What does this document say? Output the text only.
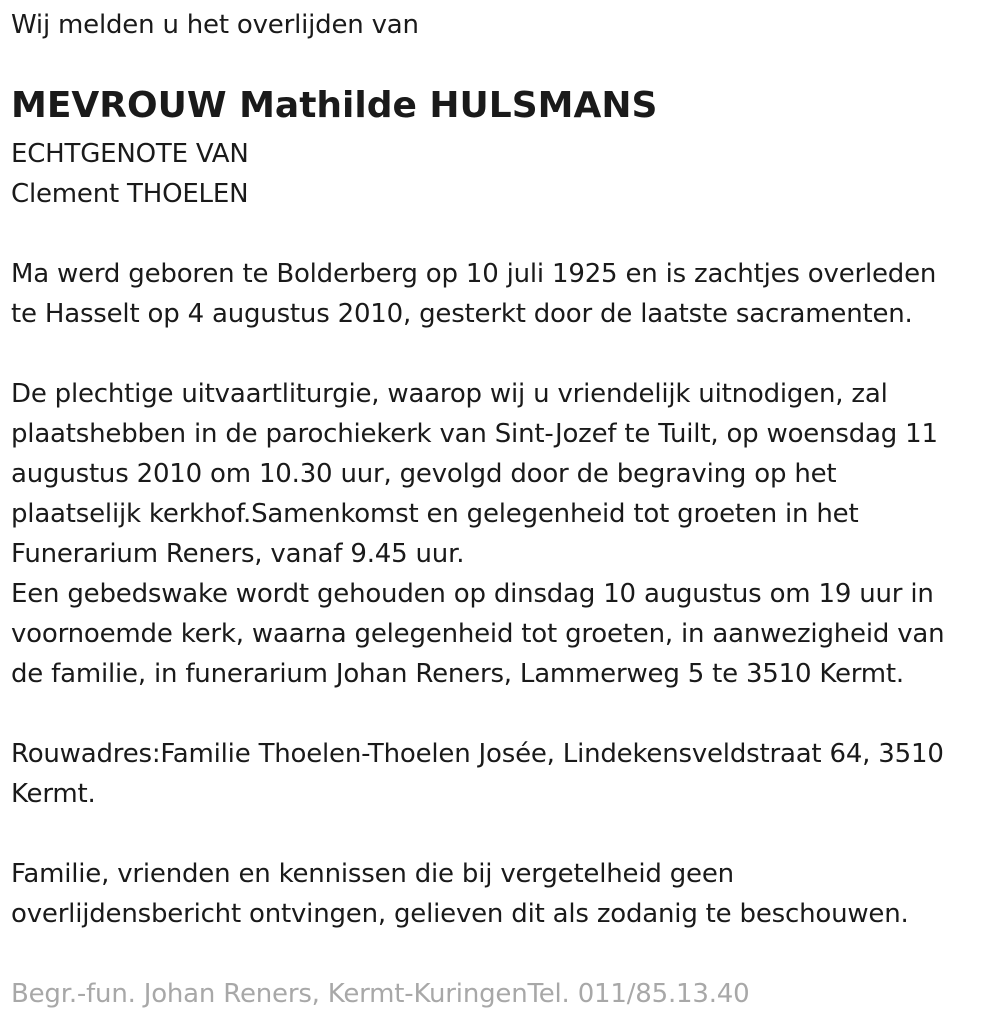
Wij melden u het overlijden van
MEVROUW Mathilde HULSMANS
ECHTGENOTE VAN
Clement THOELEN
Ma werd geboren te Bolderberg op 10 juli 1925 en is zachtjes overleden
te Hasselt op 4 augustus 2010, gesterkt door de laatste sacramenten.
De plechtige uitvaartliturgie, waarop wij u vriendelijk uitnodigen, zal
plaatshebben in de parochiekerk van Sint-Jozef te Tuilt, op woensdag 11
augustus 2010 om 10.30 uur, gevolgd door de begraving op het
plaatselijk kerkhof.Samenkomst en gelegenheid tot groeten in het
Funerarium Reners, vanaf 9.45 uur.
Een gebedswake wordt gehouden op dinsdag 10 augustus om 19 uur in
voornoemde kerk, waarna gelegenheid tot groeten, in aanwezigheid van
de familie, in funerarium Johan Reners, Lammerweg 5 te 3510 Kermt.
Rouwadres:Familie Thoelen-Thoelen Josée, Lindekensveldstraat 64, 3510
Kermt.
Familie, vrienden en kennissen die bij vergetelheid geen
overlijdensbericht ontvingen, gelieven dit als zodanig te beschouwen.
Begr.-fun. Johan Reners, Kermt-KuringenTel. 011/85.13.40
